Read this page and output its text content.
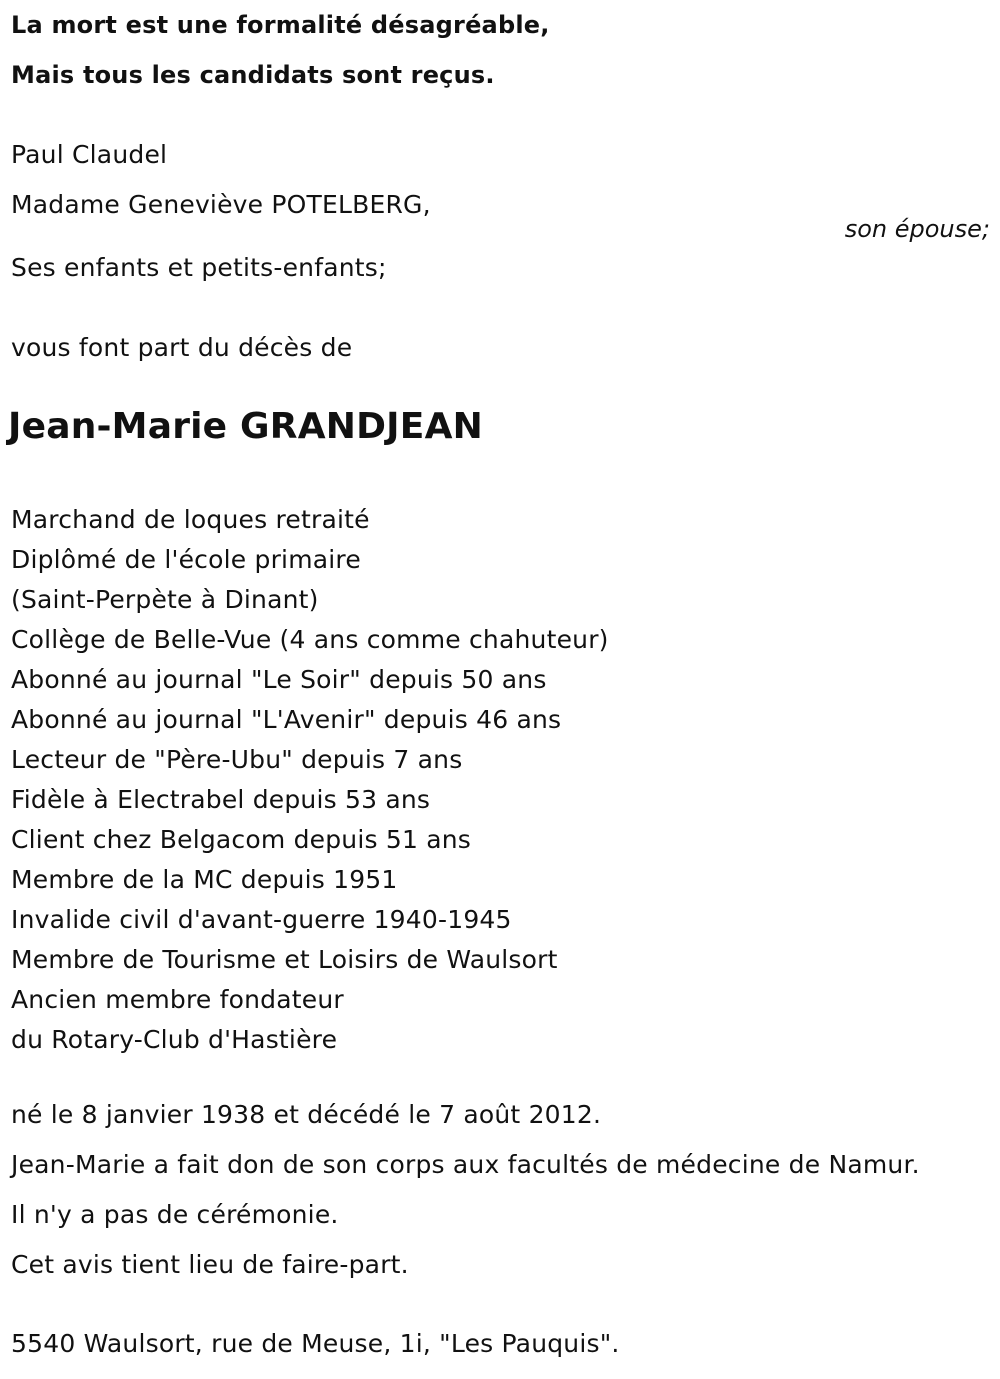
La mort est une formalité désagréable,
Mais tous les candidats sont reçus.
Paul Claudel
Madame Geneviève POTELBERG,
son épouse;
Ses enfants et petits-enfants;
vous font part du décès de
Jean-Marie GRANDJEAN
Marchand de loques retraité
Diplômé de l'école primaire
(Saint-Perpète à Dinant)
Collège de Belle-Vue (4 ans comme chahuteur)
Abonné au journal "Le Soir" depuis 50 ans
Abonné au journal "L'Avenir" depuis 46 ans
Lecteur de "Père-Ubu" depuis 7 ans
Fidèle à Electrabel depuis 53 ans
Client chez Belgacom depuis 51 ans
Membre de la MC depuis 1951
Invalide civil d'avant-guerre 1940-1945
Membre de Tourisme et Loisirs de Waulsort
Ancien membre fondateur
du Rotary-Club d'Hastière
né le 8 janvier 1938 et décédé le 7 août 2012.
Jean-Marie a fait don de son corps aux facultés de médecine de Namur.
Il n'y a pas de cérémonie.
Cet avis tient lieu de faire-part.
5540 Waulsort, rue de Meuse, 1i, "Les Pauquis".
